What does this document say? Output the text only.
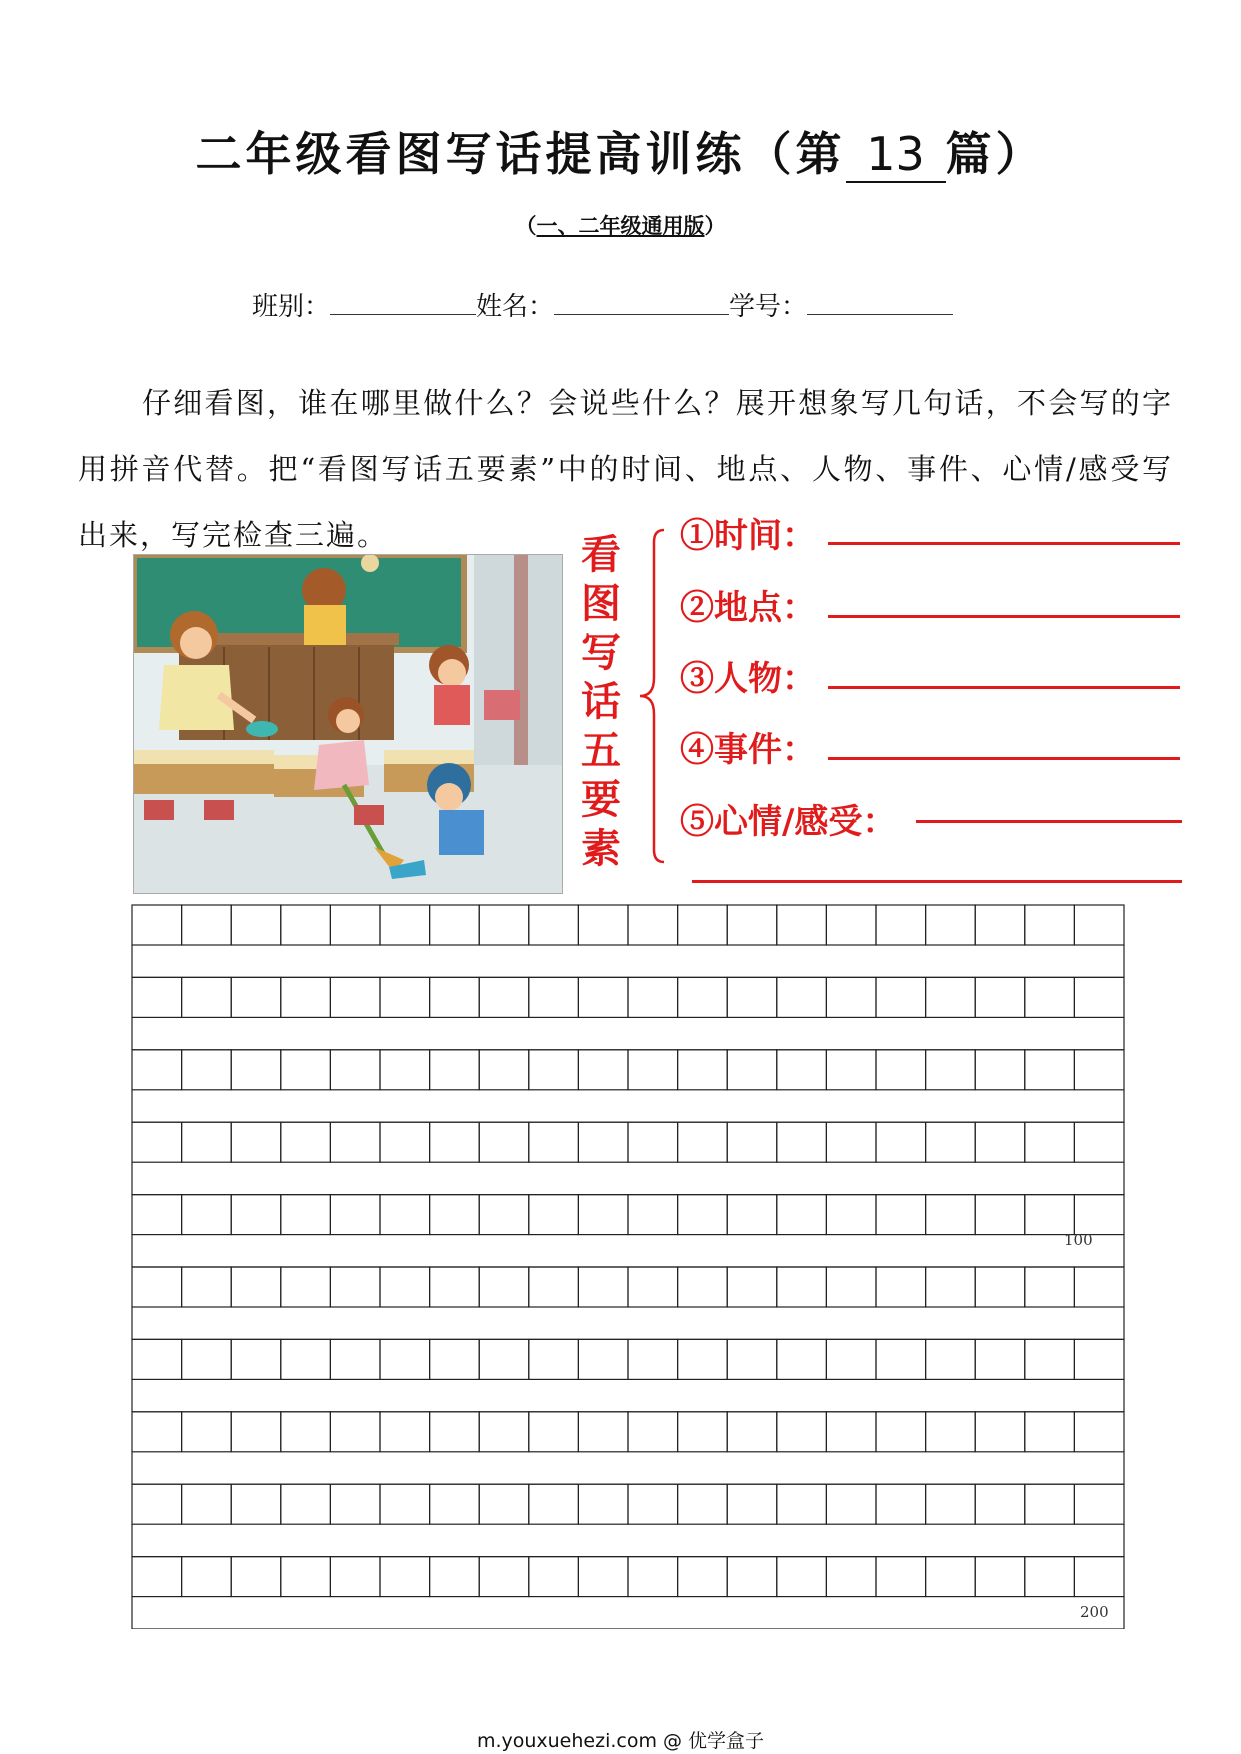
二年级看图写话提高训练（第 13 篇）
（一、二年级通用版）
班别：	姓名：	学号：

仔细看图，谁在哪里做什么？会说些什么？展开想象写几句话，不会写的字用拼音代替。把“看图写话五要素”中的时间、地点、人物、事件、心情/感受写出来，写完检查三遍。	看
图
写
话
五
要
素
①时间：
②地点：
③人物：
④事件：
⑤心情/感受：
100
200
m.youxuehezi.com @ 优学盒子
